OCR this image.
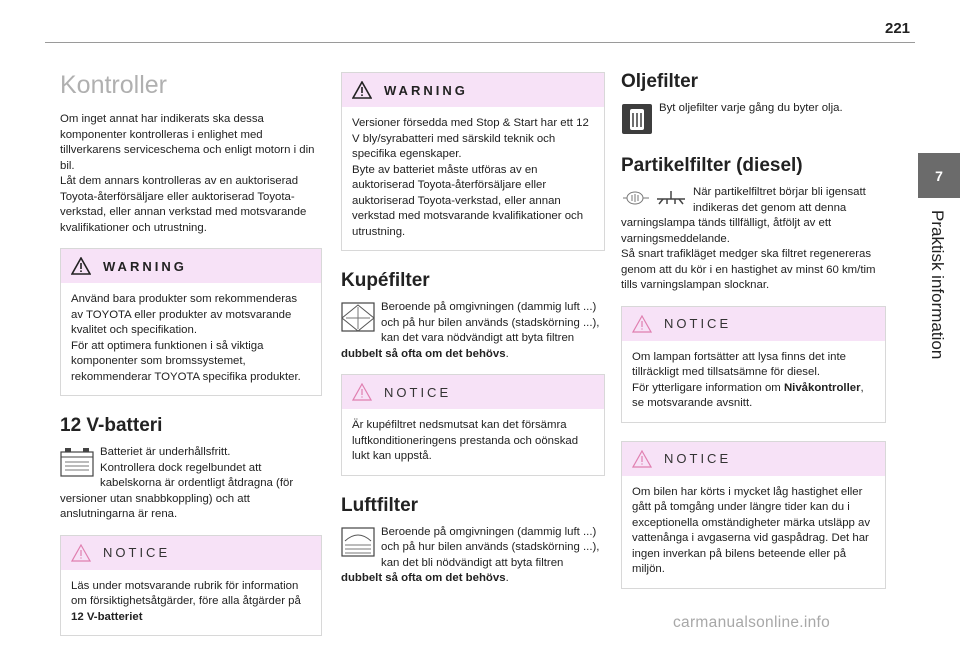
221
7
Praktisk information
Kontroller

Om inget annat har indikerats ska dessa komponenter kontrolleras i enlighet med tillverkarens serviceschema och enligt motorn i din bil.

Låt dem annars kontrolleras av en auktoriserad Toyota-återförsäljare eller auktoriserad Toyota-verkstad, eller annan verkstad med motsvarande kvalifikationer och utrustning.

WARNING

Använd bara produkter som rekommenderas av TOYOTA eller produkter av motsvarande kvalitet och specifikation.

För att optimera funktionen i så viktiga komponenter som bromssystemet, rekommenderar TOYOTA specifika produkter.

12 V-batteri

Batteriet är underhållsfritt.

Kontrollera dock regelbundet att kabelskorna är ordentligt åtdragna (för versioner utan snabbkoppling) och att anslutningarna är rena.

NOTICE

Läs under motsvarande rubrik för information om försiktighetsåtgärder, före alla åtgärder på
12 V-batteriet

WARNING

Versioner försedda med Stop & Start har ett 12 V bly/syrabatteri med särskild teknik och specifika egenskaper.

Byte av batteriet måste utföras av en auktoriserad Toyota-återförsäljare eller auktoriserad Toyota-verkstad, eller annan verkstad med motsvarande kvalifikationer och utrustning.

Kupéfilter

Beroende på omgivningen (dammig luft ...) och på hur bilen används (stadskörning ...), kan det vara nödvändigt att byta filtren dubbelt så ofta om det behövs.

NOTICE

Är kupéfiltret nedsmutsat kan det försämra luftkonditioneringens prestanda och oönskad lukt kan uppstå.

Luftfilter

Beroende på omgivningen (dammig luft ...) och på hur bilen används (stadskörning ...), kan det bli nödvändigt att byta filtren dubbelt så ofta om det behövs.

Oljefilter

Byt oljefilter varje gång du byter olja.

Partikelfilter (diesel)

När partikelfiltret börjar bli igensatt indikeras det genom att denna varningslampa tänds tillfälligt, åtföljt av ett varningsmeddelande.

Så snart trafikläget medger ska filtret regenereras genom att du kör i en hastighet av minst 60 km/tim tills varningslampan slocknar.

NOTICE

Om lampan fortsätter att lysa finns det inte tillräckligt med tillsatsämne för diesel.

För ytterligare information om Nivåkontroller, se motsvarande avsnitt.

NOTICE

Om bilen har körts i mycket låg hastighet eller gått på tomgång under längre tider kan du i exceptionella omständigheter märka utsläpp av vattenånga i avgaserna vid gaspådrag. Det har ingen inverkan på bilens beteende eller på miljön.

carmanualsonline.info
